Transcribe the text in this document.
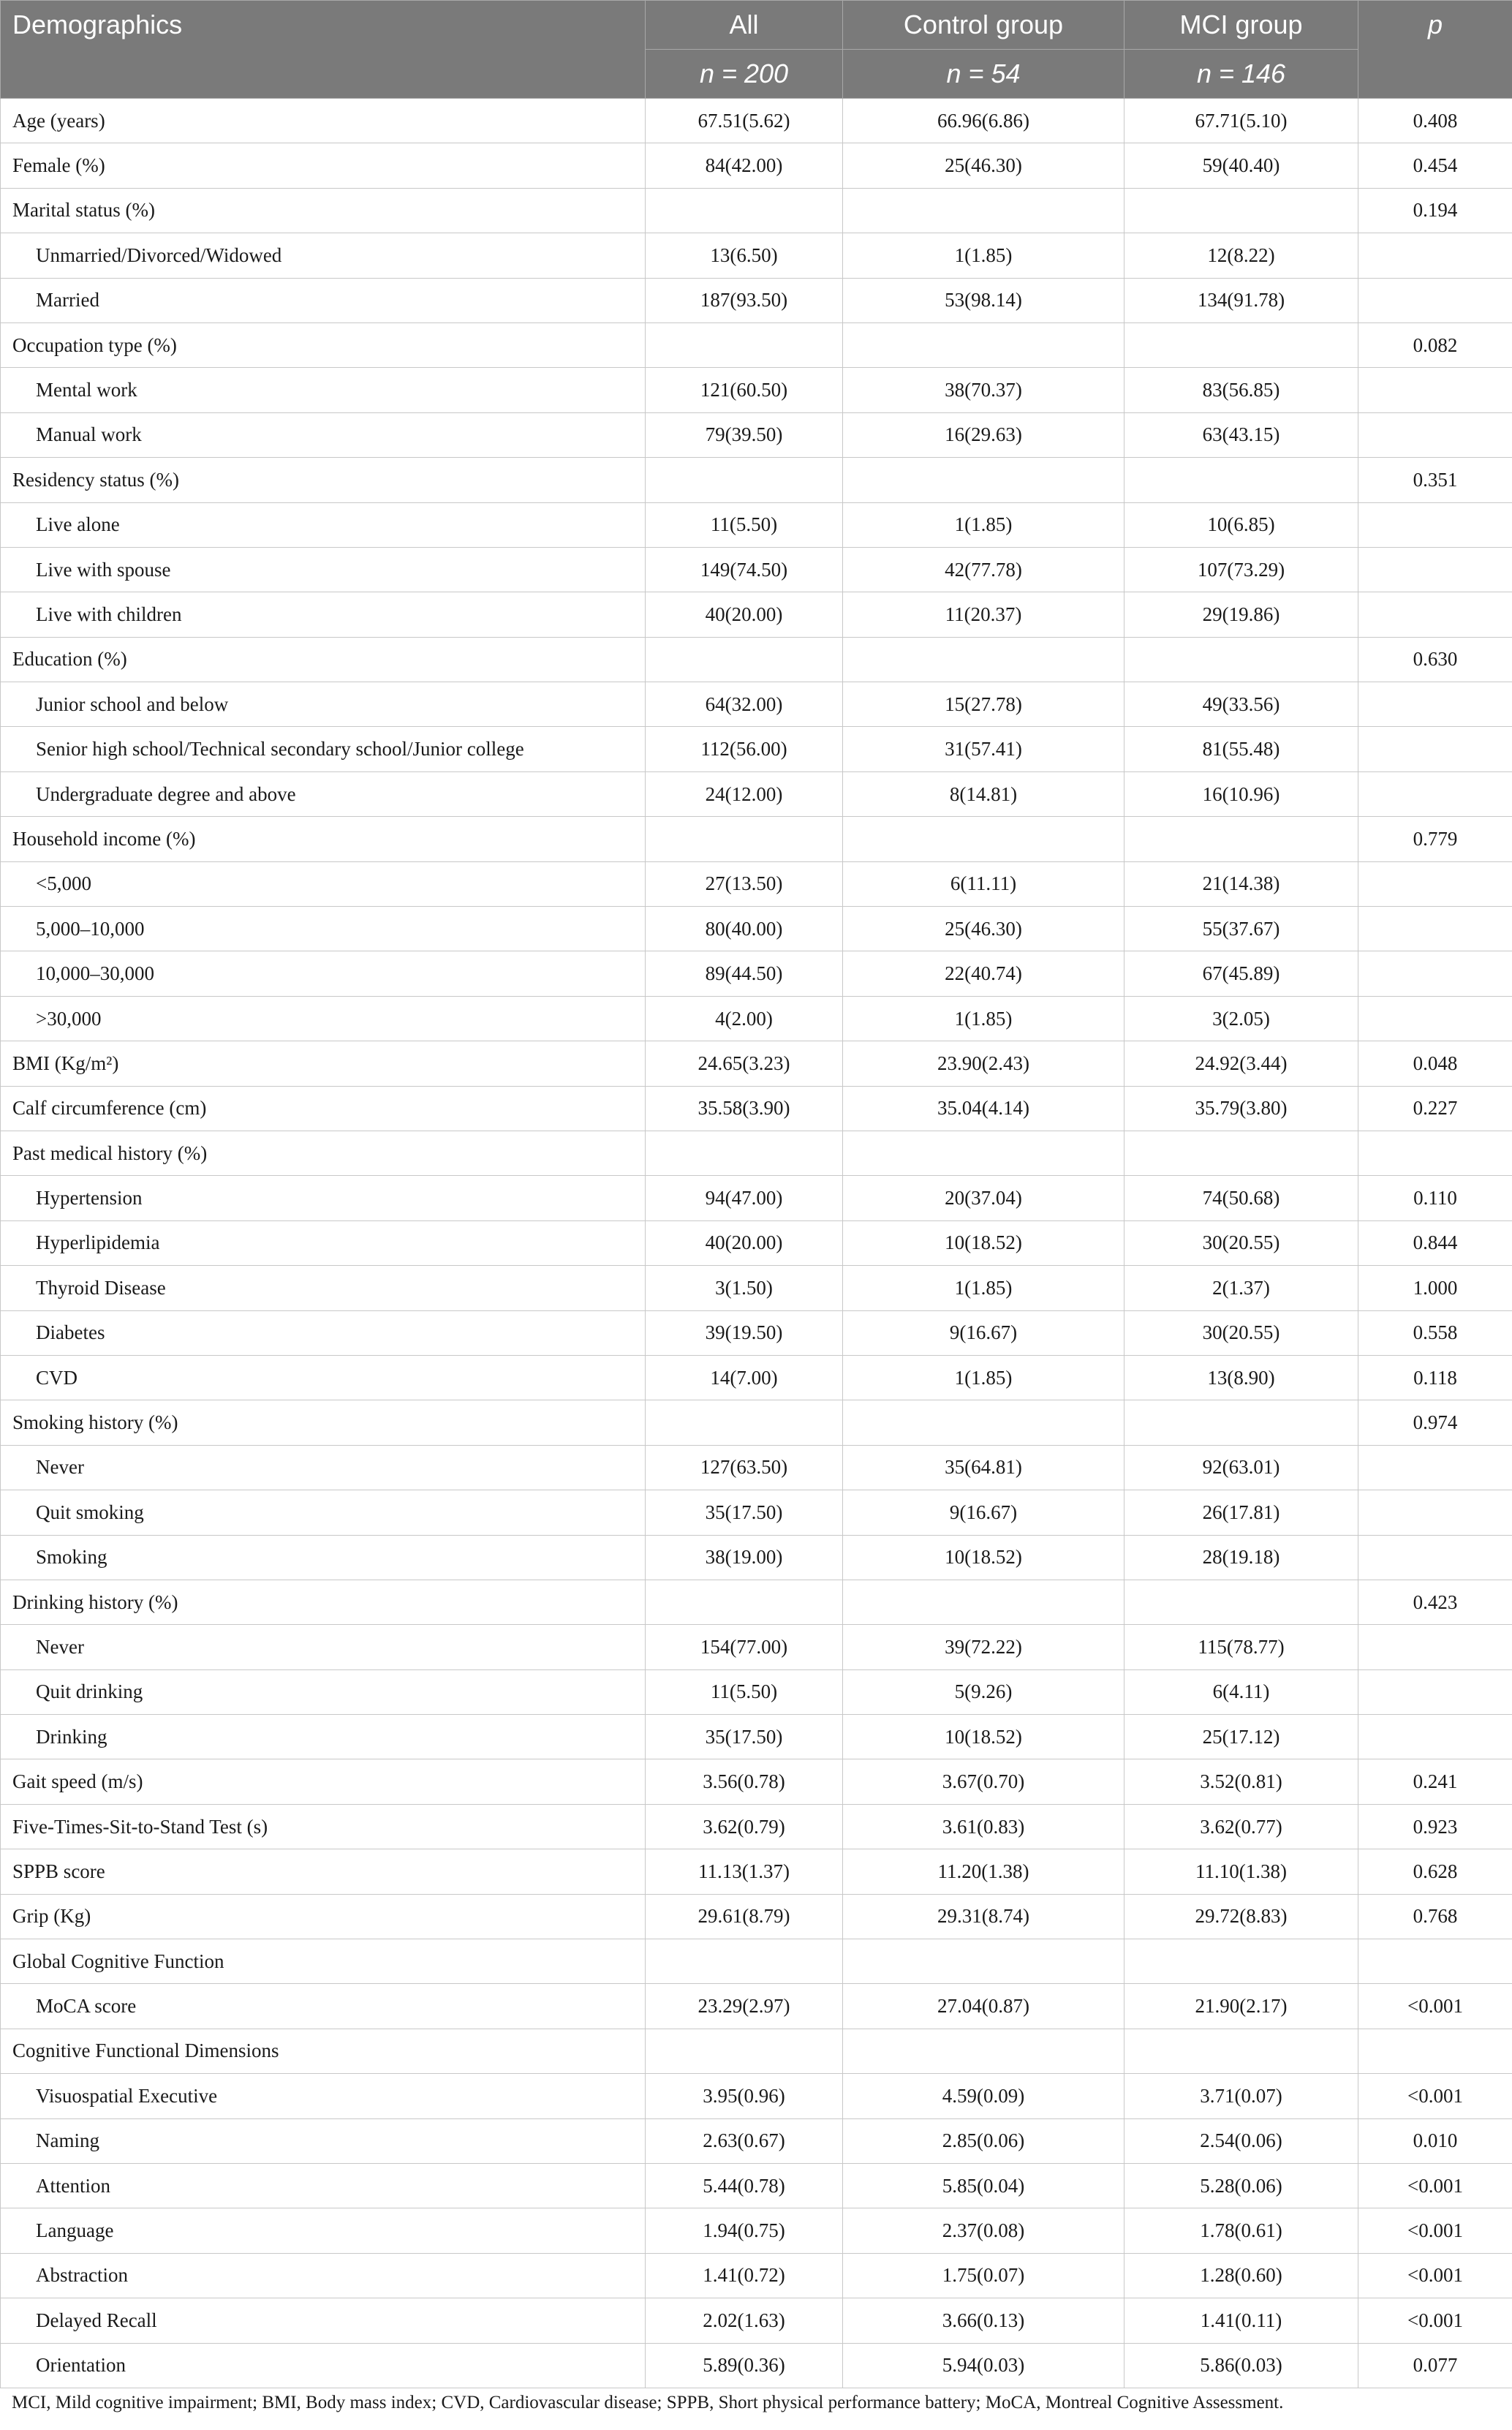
Demographics	All	Control group	MCI group	p
	n = 200	n = 54	n = 146	
Age (years)	67.51(5.62)	66.96(6.86)	67.71(5.10)	0.408
Female (%)	84(42.00)	25(46.30)	59(40.40)	0.454
Marital status (%)				0.194
Unmarried/Divorced/Widowed	13(6.50)	1(1.85)	12(8.22)	
Married	187(93.50)	53(98.14)	134(91.78)	
Occupation type (%)				0.082
Mental work	121(60.50)	38(70.37)	83(56.85)	
Manual work	79(39.50)	16(29.63)	63(43.15)	
Residency status (%)				0.351
Live alone	11(5.50)	1(1.85)	10(6.85)	
Live with spouse	149(74.50)	42(77.78)	107(73.29)	
Live with children	40(20.00)	11(20.37)	29(19.86)	
Education (%)				0.630
Junior school and below	64(32.00)	15(27.78)	49(33.56)	
Senior high school/Technical secondary school/Junior college	112(56.00)	31(57.41)	81(55.48)	
Undergraduate degree and above	24(12.00)	8(14.81)	16(10.96)	
Household income (%)				0.779
<5,000	27(13.50)	6(11.11)	21(14.38)	
5,000–10,000	80(40.00)	25(46.30)	55(37.67)	
10,000–30,000	89(44.50)	22(40.74)	67(45.89)	
>30,000	4(2.00)	1(1.85)	3(2.05)	
BMI (Kg/m²)	24.65(3.23)	23.90(2.43)	24.92(3.44)	0.048
Calf circumference (cm)	35.58(3.90)	35.04(4.14)	35.79(3.80)	0.227
Past medical history (%)				
Hypertension	94(47.00)	20(37.04)	74(50.68)	0.110
Hyperlipidemia	40(20.00)	10(18.52)	30(20.55)	0.844
Thyroid Disease	3(1.50)	1(1.85)	2(1.37)	1.000
Diabetes	39(19.50)	9(16.67)	30(20.55)	0.558
CVD	14(7.00)	1(1.85)	13(8.90)	0.118
Smoking history (%)				0.974
Never	127(63.50)	35(64.81)	92(63.01)	
Quit smoking	35(17.50)	9(16.67)	26(17.81)	
Smoking	38(19.00)	10(18.52)	28(19.18)	
Drinking history (%)				0.423
Never	154(77.00)	39(72.22)	115(78.77)	
Quit drinking	11(5.50)	5(9.26)	6(4.11)	
Drinking	35(17.50)	10(18.52)	25(17.12)	
Gait speed (m/s)	3.56(0.78)	3.67(0.70)	3.52(0.81)	0.241
Five-Times-Sit-to-Stand Test (s)	3.62(0.79)	3.61(0.83)	3.62(0.77)	0.923
SPPB score	11.13(1.37)	11.20(1.38)	11.10(1.38)	0.628
Grip (Kg)	29.61(8.79)	29.31(8.74)	29.72(8.83)	0.768
Global Cognitive Function				
MoCA score	23.29(2.97)	27.04(0.87)	21.90(2.17)	<0.001
Cognitive Functional Dimensions				
Visuospatial Executive	3.95(0.96)	4.59(0.09)	3.71(0.07)	<0.001
Naming	2.63(0.67)	2.85(0.06)	2.54(0.06)	0.010
Attention	5.44(0.78)	5.85(0.04)	5.28(0.06)	<0.001
Language	1.94(0.75)	2.37(0.08)	1.78(0.61)	<0.001
Abstraction	1.41(0.72)	1.75(0.07)	1.28(0.60)	<0.001
Delayed Recall	2.02(1.63)	3.66(0.13)	1.41(0.11)	<0.001
Orientation	5.89(0.36)	5.94(0.03)	5.86(0.03)	0.077
MCI, Mild cognitive impairment; BMI, Body mass index; CVD, Cardiovascular disease; SPPB, Short physical performance battery; MoCA, Montreal Cognitive Assessment.
